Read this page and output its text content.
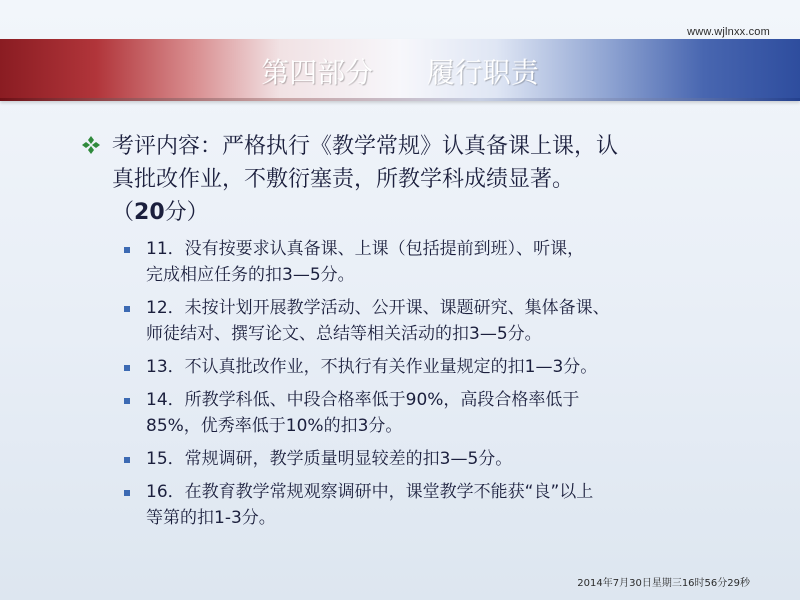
www.wjlnxx.com
第四部分      履行职责
考评内容：严格执行《教学常规》认真备课上课，认
真批改作业，不敷衍塞责，所教学科成绩显著。
（20分）
11．没有按要求认真备课、上课（包括提前到班）、听课，
完成相应任务的扣3—5分。
12．未按计划开展教学活动、公开课、课题研究、集体备课、
师徒结对、撰写论文、总结等相关活动的扣3—5分。
13．不认真批改作业，不执行有关作业量规定的扣1—3分。
14．所教学科低、中段合格率低于90%，高段合格率低于
85%，优秀率低于10%的扣3分。
15．常规调研，教学质量明显较差的扣3—5分。
16．在教育教学常规观察调研中，课堂教学不能获“良”以上
等第的扣1-3分。
2014年7月30日星期三16时56分29秒
